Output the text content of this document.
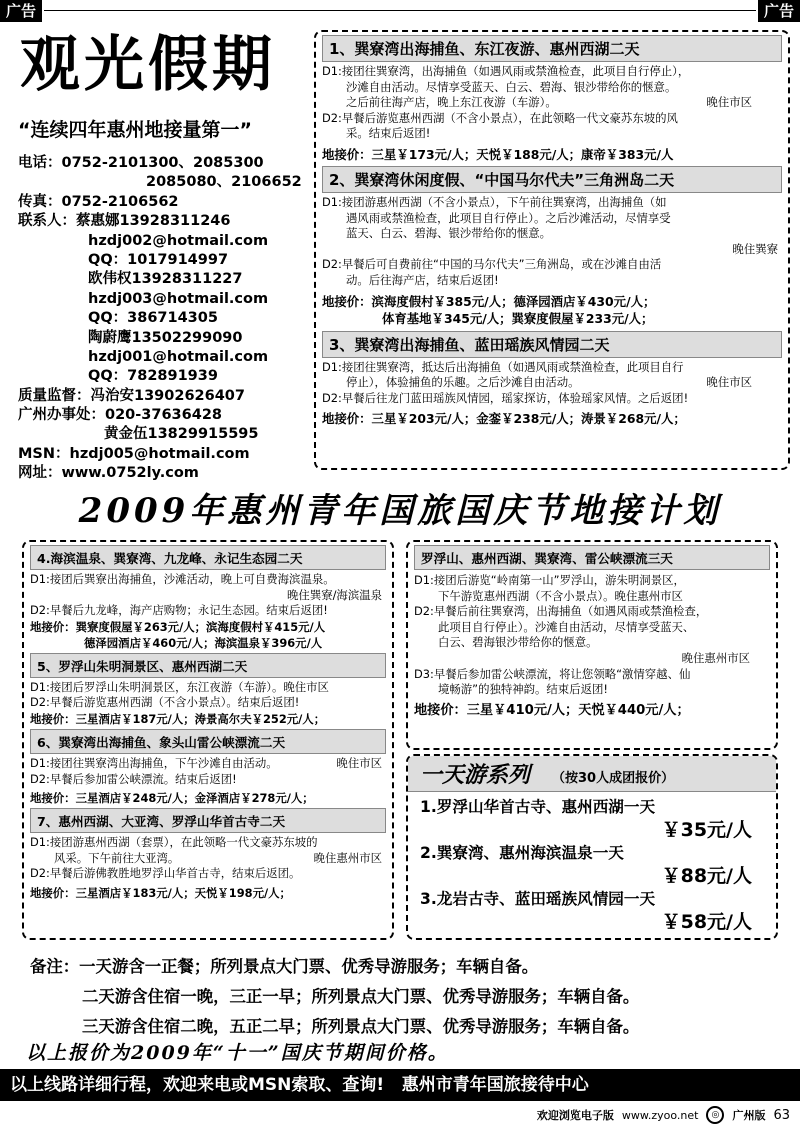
广告	广告
观光假期
“连续四年惠州地接量第一”
电话：0752-2101300、2085300
2085080、2106652
传真：0752-2106562
联系人：蔡惠娜13928311246
hzdj002@hotmail.com
QQ：1017914997
欧伟权13928311227
hzdj003@hotmail.com
QQ：386714305
陶蔚鹰13502299090
hzdj001@hotmail.com
QQ：782891939
质量监督：冯治安13902626407
广州办事处：020-37636428
黄金伍13829915595
MSN：hzdj005@hotmail.com
网址：www.0752ly.com
1、巽寮湾出海捕鱼、东江夜游、惠州西湖二天
D1:接团往巽寮湾，出海捕鱼（如遇风雨或禁渔检查，此项目自行停止），
沙滩自由活动。尽情享受蓝天、白云、碧海、银沙带给你的惬意。
之后前往海产店，晚上东江夜游（车游）。	晚住市区
D2:早餐后游览惠州西湖（不含小景点），在此领略一代文豪苏东坡的风
采。结束后返团!
地接价：三星￥173元/人；天悦￥188元/人；康帝￥383元/人
2、巽寮湾休闲度假、“中国马尔代夫”三角洲岛二天
D1:接团游惠州西湖（不含小景点），下午前往巽寮湾，出海捕鱼（如
遇风雨或禁渔检查，此项目自行停止）。之后沙滩活动，尽情享受
蓝天、白云、碧海、银沙带给你的惬意。
晚住巽寮
D2:早餐后可自费前往“中国的马尔代夫”三角洲岛，或在沙滩自由活
动。后往海产店，结束后返团!
地接价：滨海度假村￥385元/人；德泽园酒店￥430元/人；
体育基地￥345元/人；巽寮度假屋￥233元/人；
3、巽寮湾出海捕鱼、蓝田瑶族风情园二天
D1:接团往巽寮湾，抵达后出海捕鱼（如遇风雨或禁渔检查，此项目自行
停止），体验捕鱼的乐趣。之后沙滩自由活动。	晚住市区
D2:早餐后往龙门蓝田瑶族风情园，瑶家探访，体验瑶家风情。之后返团!
地接价：三星￥203元/人；金銮￥238元/人；涛景￥268元/人；
2009年惠州青年国旅国庆节地接计划
4.海滨温泉、巽寮湾、九龙峰、永记生态园二天
D1:接团后巽寮出海捕鱼，沙滩活动，晚上可自费海滨温泉。
晚住巽寮/海滨温泉
D2:早餐后九龙峰，海产店购物；永记生态园。结束后返团!
地接价：巽寮度假屋￥263元/人；滨海度假村￥415元/人
德泽园酒店￥460元/人；海滨温泉￥396元/人
5、罗浮山朱明洞景区、惠州西湖二天
D1:接团后罗浮山朱明洞景区，东江夜游（车游）。晚住市区
D2:早餐后游览惠州西湖（不含小景点）。结束后返团!
地接价：三星酒店￥187元/人；涛景高尔夫￥252元/人；
6、巽寮湾出海捕鱼、象头山雷公峡漂流二天
D1:接团往巽寮湾出海捕鱼，下午沙滩自由活动。	晚住市区
D2:早餐后参加雷公峡漂流。结束后返团!
地接价：三星酒店￥248元/人；金泽酒店￥278元/人；
7、惠州西湖、大亚湾、罗浮山华首古寺二天
D1:接团游惠州西湖（套票），在此领略一代文豪苏东坡的
风采。下午前往大亚湾。	晚住惠州市区
D2:早餐后游佛教胜地罗浮山华首古寺，结束后返团。
地接价：三星酒店￥183元/人；天悦￥198元/人；
罗浮山、惠州西湖、巽寮湾、雷公峡漂流三天
D1:接团后游览“岭南第一山”罗浮山，游朱明洞景区，
下午游览惠州西湖（不含小景点）。晚住惠州市区
D2:早餐后前往巽寮湾，出海捕鱼（如遇风雨或禁渔检查，
此项目自行停止）。沙滩自由活动，尽情享受蓝天、
白云、碧海银沙带给你的惬意。
晚住惠州市区
D3:早餐后参加雷公峡漂流，将让您领略“激情穿越、仙
境畅游”的独特神韵。结束后返团!
地接价：三星￥410元/人；天悦￥440元/人；
一天游系列 （按30人成团报价）
1.罗浮山华首古寺、惠州西湖一天
￥35元/人
2.巽寮湾、惠州海滨温泉一天
￥88元/人
3.龙岩古寺、蓝田瑶族风情园一天
￥58元/人
备注：一天游含一正餐；所列景点大门票、优秀导游服务；车辆自备。
二天游含住宿一晚，三正一早；所列景点大门票、优秀导游服务；车辆自备。
三天游含住宿二晚，五正二早；所列景点大门票、优秀导游服务；车辆自备。
以上报价为2009年“十一”国庆节期间价格。
以上线路详细行程，欢迎来电或MSN索取、查询! 惠州市青年国旅接待中心
欢迎浏览电子版 www.zyoo.net	◎	广州版 63
